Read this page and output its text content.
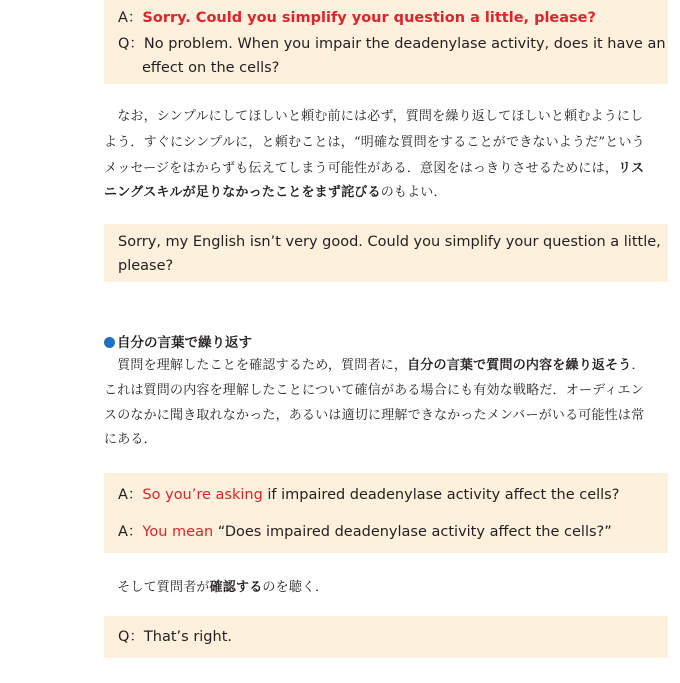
A：Sorry. Could you simplify your question a little, please?
Q：No problem. When you impair the deadenylase activity, does it have an
effect on the cells?
　なお，シンプルにしてほしいと頼む前には必ず，質問を繰り返してほしいと頼むようにし
よう．すぐにシンプルに，と頼むことは，“明確な質問をすることができないようだ”という
メッセージをはからずも伝えてしまう可能性がある．意図をはっきりさせるためには，リス
ニングスキルが足りなかったことをまず詫びるのもよい．
Sorry, my English isn’t very good. Could you simplify your question a little,
please?
自分の言葉で繰り返す
　質問を理解したことを確認するため，質問者に，自分の言葉で質問の内容を繰り返そう．
これは質問の内容を理解したことについて確信がある場合にも有効な戦略だ．オーディエン
スのなかに聞き取れなかった，あるいは適切に理解できなかったメンバーがいる可能性は常
にある．
A：So you’re asking if impaired deadenylase activity affect the cells?
A：You mean “Does impaired deadenylase activity affect the cells?”
　そして質問者が確認するのを聴く．
Q：That’s right.
